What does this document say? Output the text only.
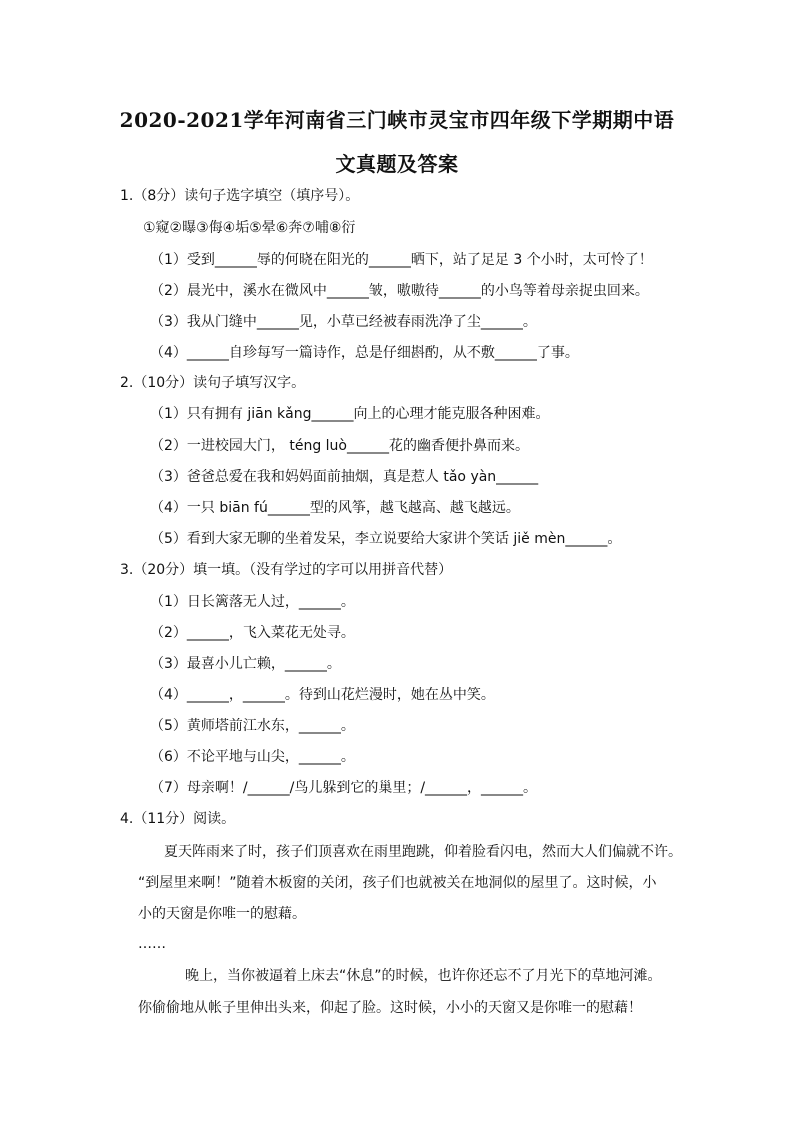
2020-2021学年河南省三门峡市灵宝市四年级下学期期中语
文真题及答案
1.（8分）读句子选字填空（填序号）。
①窥②曝③侮④垢⑤晕⑥奔⑦哺⑧衍
（1）受到______辱的何晓在阳光的______晒下，站了足足 3 个小时，太可怜了！
（2）晨光中，溪水在微风中______皱，嗷嗷待______的小鸟等着母亲捉虫回来。
（3）我从门缝中______见，小草已经被春雨洗净了尘______。
（4）______自珍每写一篇诗作，总是仔细斟酌，从不敷______了事。
2.（10分）读句子填写汉字。
（1）只有拥有 jiān kǎng______向上的心理才能克服各种困难。
（2）一进校园大门， téng luò______花的幽香便扑鼻而来。
（3）爸爸总爱在我和妈妈面前抽烟，真是惹人 tǎo yàn______
（4）一只 biān fú______型的风筝，越飞越高、越飞越远。
（5）看到大家无聊的坐着发呆，李立说要给大家讲个笑话 jiě mèn______。
3.（20分）填一填。（没有学过的字可以用拼音代替）
（1）日长篱落无人过，______。
（2）______，飞入菜花无处寻。
（3）最喜小儿亡赖，______。
（4）______，______。待到山花烂漫时，她在丛中笑。
（5）黄师塔前江水东，______。
（6）不论平地与山尖，______。
（7）母亲啊！/______/鸟儿躲到它的巢里；/______，______。
4.（11分）阅读。
夏天阵雨来了时，孩子们顶喜欢在雨里跑跳，仰着脸看闪电，然而大人们偏就不许。
“到屋里来啊！”随着木板窗的关闭，孩子们也就被关在地洞似的屋里了。这时候，小
小的天窗是你唯一的慰藉。
……
晚上，当你被逼着上床去“休息”的时候，也许你还忘不了月光下的草地河滩。
你偷偷地从帐子里伸出头来，仰起了脸。这时候，小小的天窗又是你唯一的慰藉！
